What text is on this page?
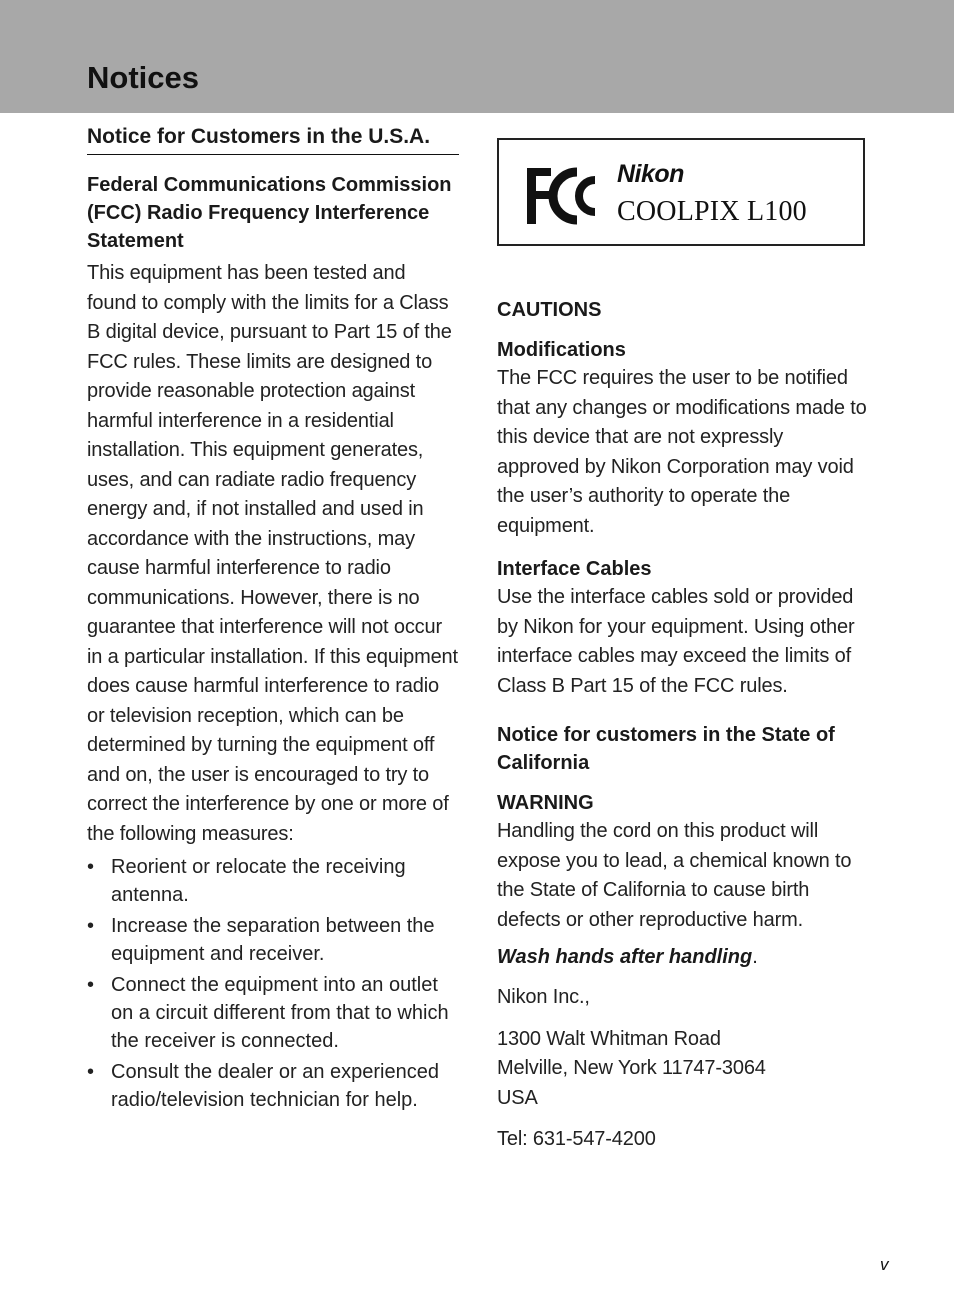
Notices
Notice for Customers in the U.S.A.

Federal Communications Commission (FCC) Radio Frequency Interference Statement

This equipment has been tested and found to comply with the limits for a Class B digital device, pursuant to Part 15 of the FCC rules. These limits are designed to provide reasonable protection against harmful interference in a residential installation. This equipment generates, uses, and can radiate radio frequency energy and, if not installed and used in accordance with the instructions, may cause harmful interference to radio communications. However, there is no guarantee that interference will not occur in a particular installation. If this equipment does cause harmful interference to radio or television reception, which can be determined by turning the equipment off and on, the user is encouraged to try to correct the interference by one or more of the following measures:

• Reorient or relocate the receiving antenna.
• Increase the separation between the equipment and receiver.
• Connect the equipment into an outlet on a circuit different from that to which the receiver is connected.
• Consult the dealer or an experienced radio/television technician for help.
Nikon
COOLPIX L100

CAUTIONS

Modifications

The FCC requires the user to be notified that any changes or modifications made to this device that are not expressly approved by Nikon Corporation may void the user’s authority to operate the equipment.

Interface Cables

Use the interface cables sold or provided by Nikon for your equipment. Using other interface cables may exceed the limits of Class B Part 15 of the FCC rules.

Notice for customers in the State of California

WARNING

Handling the cord on this product will expose you to lead, a chemical known to the State of California to cause birth defects or other reproductive harm.

Wash hands after handling.

Nikon Inc.,

1300 Walt Whitman Road
Melville, New York 11747-3064
USA

Tel: 631-547-4200

v
